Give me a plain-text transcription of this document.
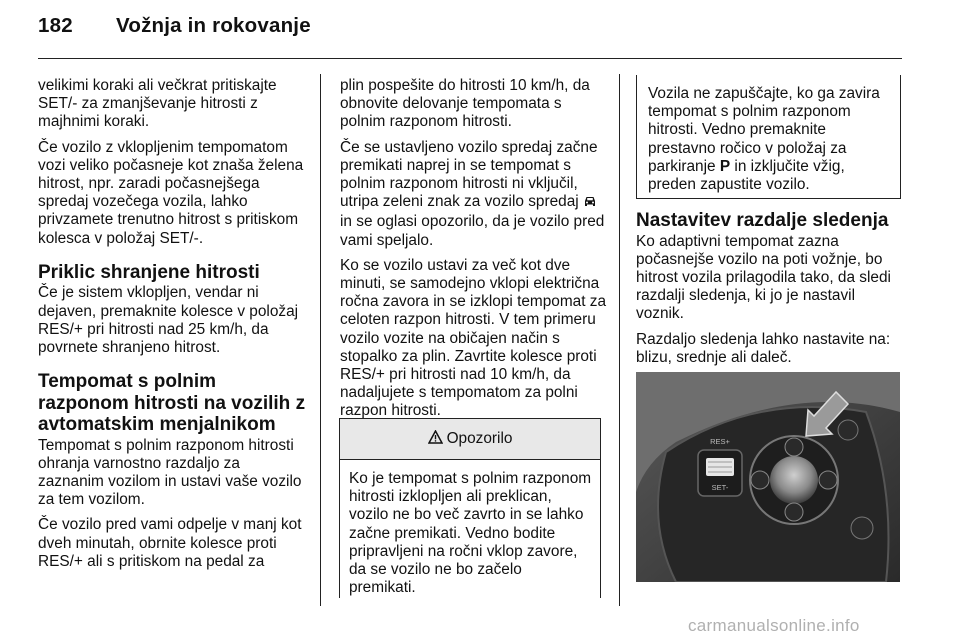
182 Vožnja in rokovanje

velikimi koraki ali večkrat pritiskajte SET/- za zmanjševanje hitrosti z majhnimi koraki.

Če vozilo z vklopljenim tempomatom vozi veliko počasneje kot znaša želena hitrost, npr. zaradi počasnejšega spredaj vozečega vozila, lahko privzamete trenutno hitrost s pritiskom kolesca v položaj SET/-.

Priklic shranjene hitrosti

Če je sistem vklopljen, vendar ni dejaven, premaknite kolesce v položaj RES/+ pri hitrosti nad 25 km/h, da povrnete shranjeno hitrost.

Tempomat s polnim razponom hitrosti na vozilih z avtomatskim menjalnikom

Tempomat s polnim razponom hitrosti ohranja varnostno razdaljo za zaznanim vozilom in ustavi vaše vozilo za tem vozilom.

Če vozilo pred vami odpelje v manj kot dveh minutah, obrnite kolesce proti RES/+ ali s pritiskom na pedal za

plin pospešite do hitrosti 10 km/h, da obnovite delovanje tempomata s polnim razponom hitrosti.

Če se ustavljeno vozilo spredaj začne premikati naprej in se tempomat s polnim razponom hitrosti ni vključil, utripa zeleni znak za vozilo spredaj  in se oglasi opozorilo, da je vozilo pred vami speljalo.

Ko se vozilo ustavi za več kot dve minuti, se samodejno vklopi električna ročna zavora in se izklopi tempomat za celoten razpon hitrosti. V tem primeru vozilo vozite na običajen način s stopalko za plin. Zavrtite kolesce proti RES/+ pri hitrosti nad 10 km/h, da nadaljujete s tempomatom za polni razpon hitrosti.

Opozorilo
Ko je tempomat s polnim razponom hitrosti izklopljen ali preklican, vozilo ne bo več zavrto in se lahko začne premikati. Vedno bodite pripravljeni na ročni vklop zavore, da se vozilo ne bo začelo premikati.
Vozila ne zapuščajte, ko ga zavira tempomat s polnim razponom hitrosti. Vedno premaknite prestavno ročico v položaj za parkiranje P in izključite vžig, preden zapustite vozilo.
Nastavitev razdalje sledenja

Ko adaptivni tempomat zazna počasnejše vozilo na poti vožnje, bo hitrost vozila prilagodila tako, da sledi razdalji sledenja, ki jo je nastavil voznik.

Razdaljo sledenja lahko nastavite na: blizu, srednje ali daleč.

RES+
SET-
carmanualsonline.info
